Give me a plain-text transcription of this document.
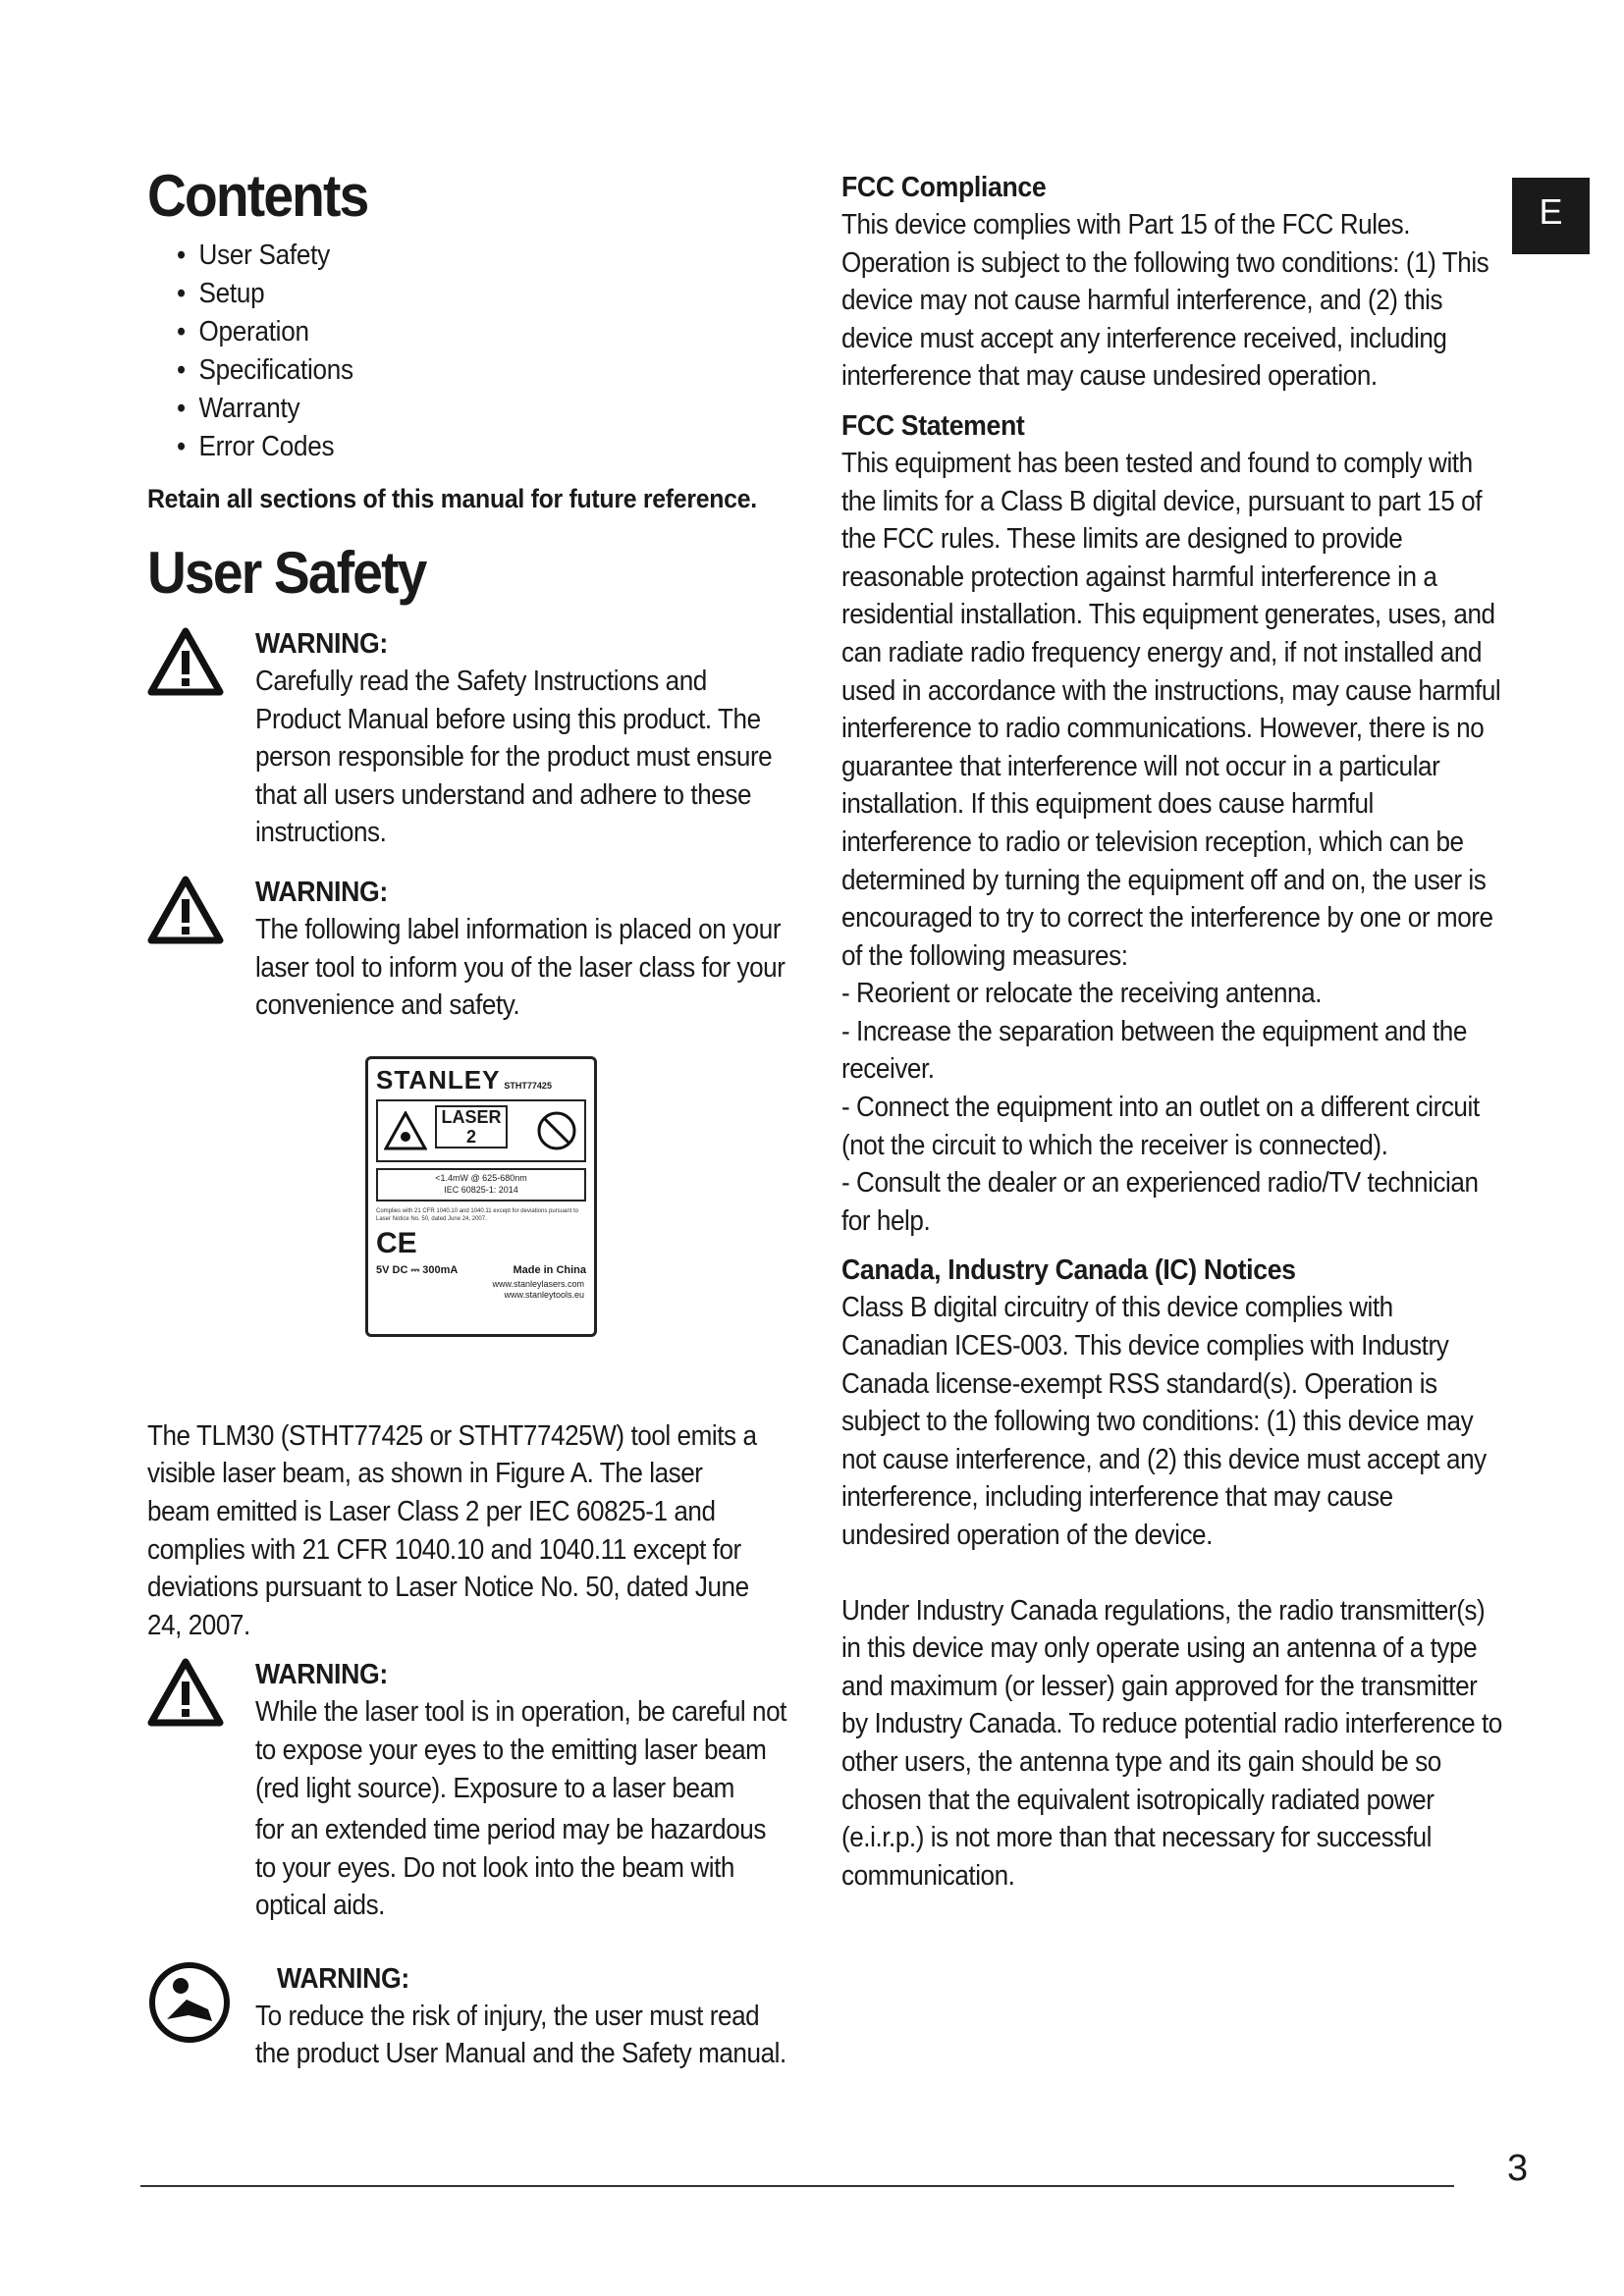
Contents
• User Safety
• Setup
• Operation
• Specifications
• Warranty
• Error Codes
Retain all sections of this manual for future reference.
User Safety
WARNING:
Carefully read the Safety Instructions and Product Manual before using this product. The person responsible for the product must ensure that all users understand and adhere to these instructions.
WARNING:
The following label information is placed on your laser tool to inform you of the laser class for your convenience and safety.
STANLEY STHT77425
LASER 2
<1.4mW @ 625-680nm
IEC 60825-1: 2014
Complies with 21 CFR 1040.10 and 1040.11 except for deviations pursuant to Laser Notice No. 50, dated June 24, 2007.
CE
www.stanleylasers.com
www.stanleytools.eu
5V DC ⎓ 300mA	Made in China
The TLM30 (STHT77425 or STHT77425W) tool emits a visible laser beam, as shown in Figure A. The laser beam emitted is Laser Class 2 per IEC 60825-1 and complies with 21 CFR 1040.10 and 1040.11 except for deviations pursuant to Laser Notice No. 50, dated June 24, 2007.
WARNING:
While the laser tool is in operation, be careful not to expose your eyes to the emitting laser beam (red light source). Exposure to a laser beam
for an extended time period may be hazardous to your eyes. Do not look into the beam with optical aids.
WARNING:
To reduce the risk of injury, the user must read the product User Manual and the Safety manual.
FCC Compliance
This device complies with Part 15 of the FCC Rules. Operation is subject to the following two conditions: (1) This device may not cause harmful interference, and (2) this device must accept any interference received, including interference that may cause undesired operation.
FCC Statement

This equipment has been tested and found to comply with the limits for a Class B digital device, pursuant to part 15 of the FCC rules. These limits are designed to provide reasonable protection against harmful interference in a residential installation. This equipment generates, uses, and can radiate radio frequency energy and, if not installed and used in accordance with the instructions, may cause harmful interference to radio communications. However, there is no guarantee that interference will not occur in a particular installation. If this equipment does cause harmful interference to radio or television reception, which can be determined by turning the equipment off and on, the user is encouraged to try to correct the interference by one or more of the following measures:

- Reorient or relocate the receiving antenna.

- Increase the separation between the equipment and the receiver.

- Connect the equipment into an outlet on a different circuit (not the circuit to which the receiver is connected).

- Consult the dealer or an experienced radio/TV technician for help.

Canada, Industry Canada (IC) Notices
Class B digital circuitry of this device complies with Canadian ICES-003. This device complies with Industry Canada license-exempt RSS standard(s). Operation is subject to the following two conditions: (1) this device may not cause interference, and (2) this device must accept any interference, including interference that may cause undesired operation of the device.
Under Industry Canada regulations, the radio transmitter(s) in this device may only operate using an antenna of a type and maximum (or lesser) gain approved for the transmitter by Industry Canada. To reduce potential radio interference to other users, the antenna type and its gain should be so chosen that the equivalent isotropically radiated power (e.i.r.p.) is not more than that necessary for successful communication.
E
3
